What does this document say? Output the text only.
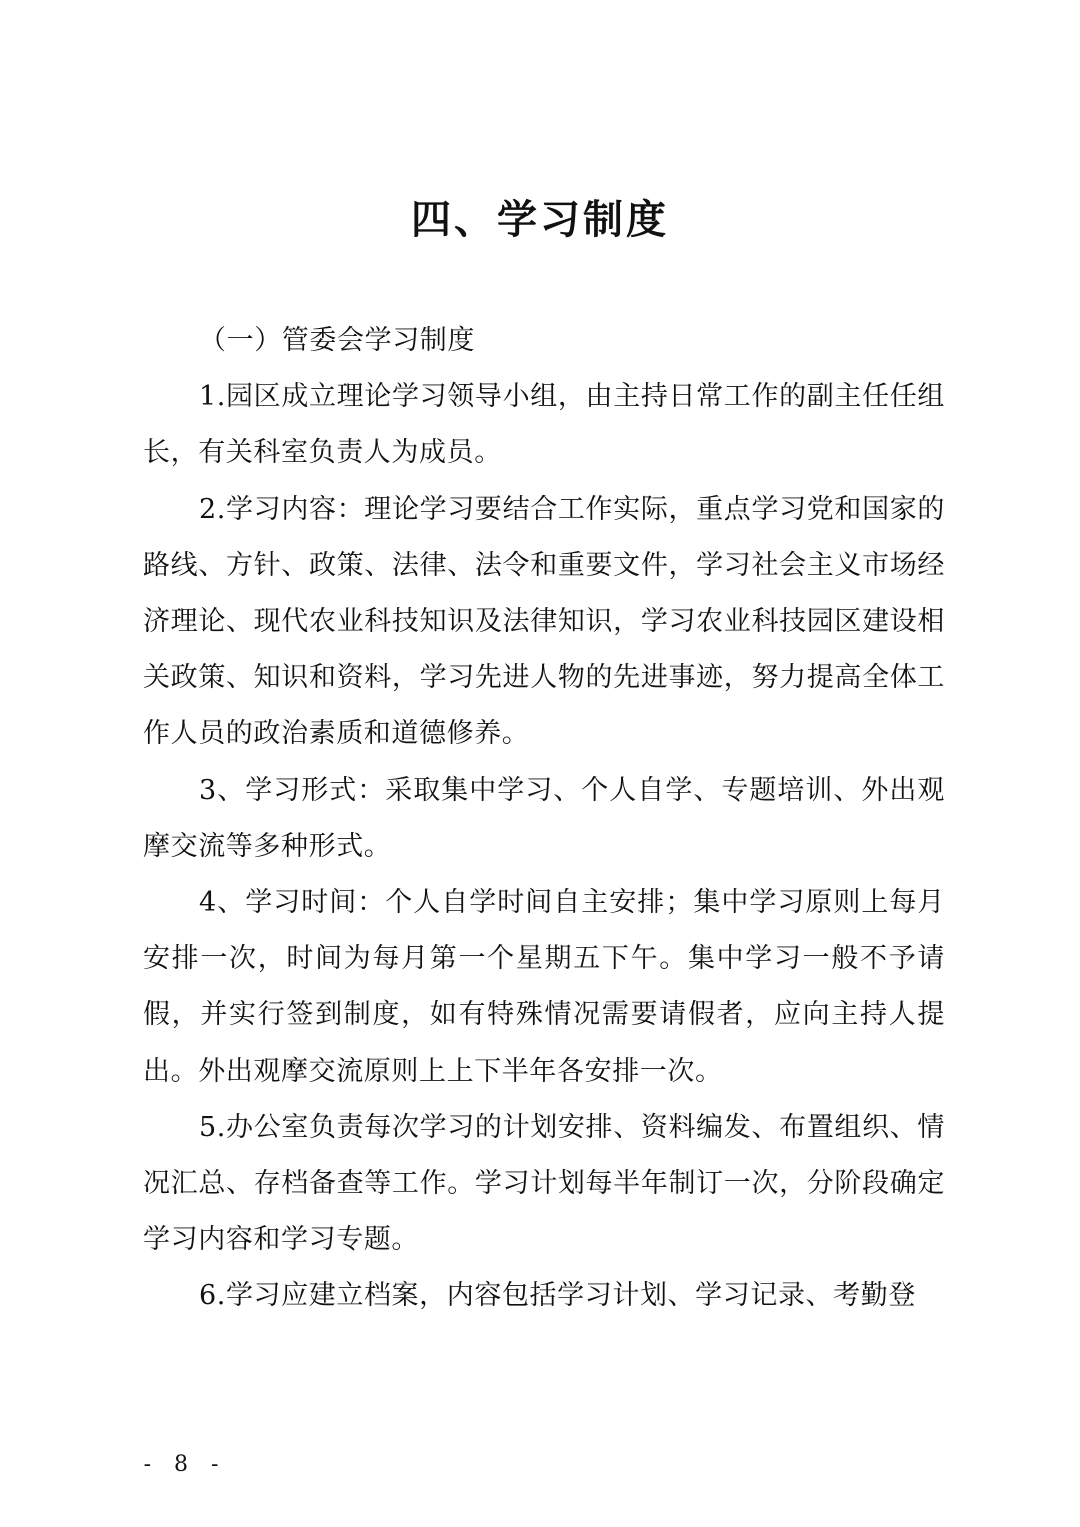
四、学习制度

（一）管委会学习制度

1.园区成立理论学习领导小组，由主持日常工作的副主任任组长，有关科室负责人为成员。

2.学习内容：理论学习要结合工作实际，重点学习党和国家的路线、方针、政策、法律、法令和重要文件，学习社会主义市场经济理论、现代农业科技知识及法律知识，学习农业科技园区建设相关政策、知识和资料，学习先进人物的先进事迹，努力提高全体工作人员的政治素质和道德修养。

3、学习形式：采取集中学习、个人自学、专题培训、外出观摩交流等多种形式。

4、学习时间：个人自学时间自主安排；集中学习原则上每月安排一次，时间为每月第一个星期五下午。集中学习一般不予请假，并实行签到制度，如有特殊情况需要请假者，应向主持人提出。外出观摩交流原则上上下半年各安排一次。

5.办公室负责每次学习的计划安排、资料编发、布置组织、情况汇总、存档备查等工作。学习计划每半年制订一次，分阶段确定学习内容和学习专题。

6.学习应建立档案，内容包括学习计划、学习记录、考勤登

- 8 -
